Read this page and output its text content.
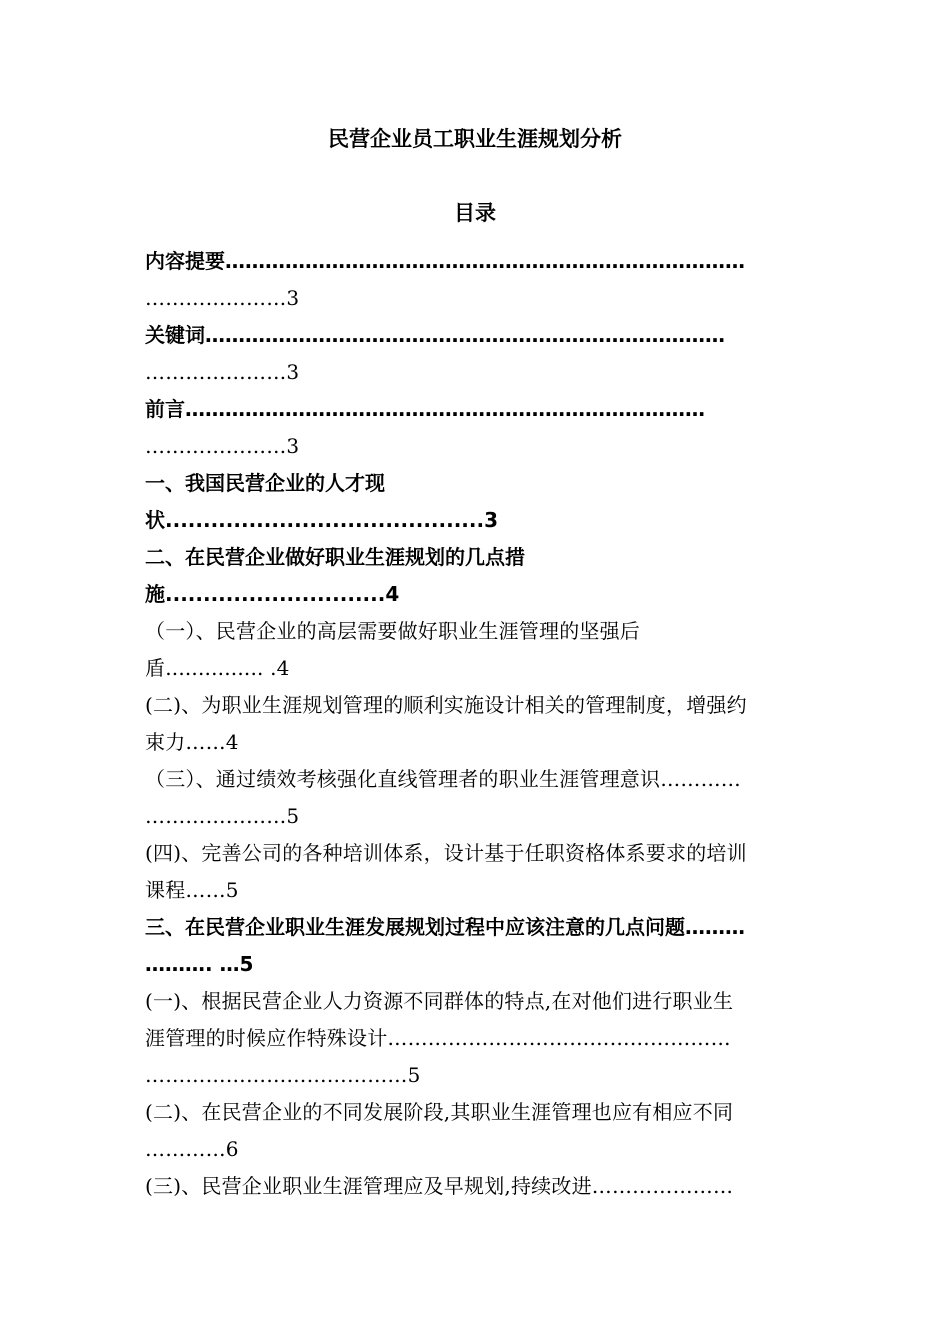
民营企业员工职业生涯规划分析
目录
内容提要……………………………………………………………………
…………………3
关键词……………………………………………………………………
…………………3
前言……………………………………………………………………
…………………3
一、我国民营企业的人才现
状..........................................3
二、在民营企业做好职业生涯规划的几点措
施.............................4
（一）、民营企业的高层需要做好职业生涯管理的坚强后
盾............... .4
(二)、为职业生涯规划管理的顺利实施设计相关的管理制度，增强约
束力……4
（三）、通过绩效考核强化直线管理者的职业生涯管理意识…………
…………………5
(四)、完善公司的各种培训体系，设计基于任职资格体系要求的培训
课程……5
三、在民营企业职业生涯发展规划过程中应该注意的几点问题………
………. …5
(一)、根据民营企业人力资源不同群体的特点,在对他们进行职业生
涯管理的时候应作特殊设计……………………………………………
…………………………………5
(二)、在民营企业的不同发展阶段,其职业生涯管理也应有相应不同
…………6
(三)、民营企业职业生涯管理应及早规划,持续改进…………………
